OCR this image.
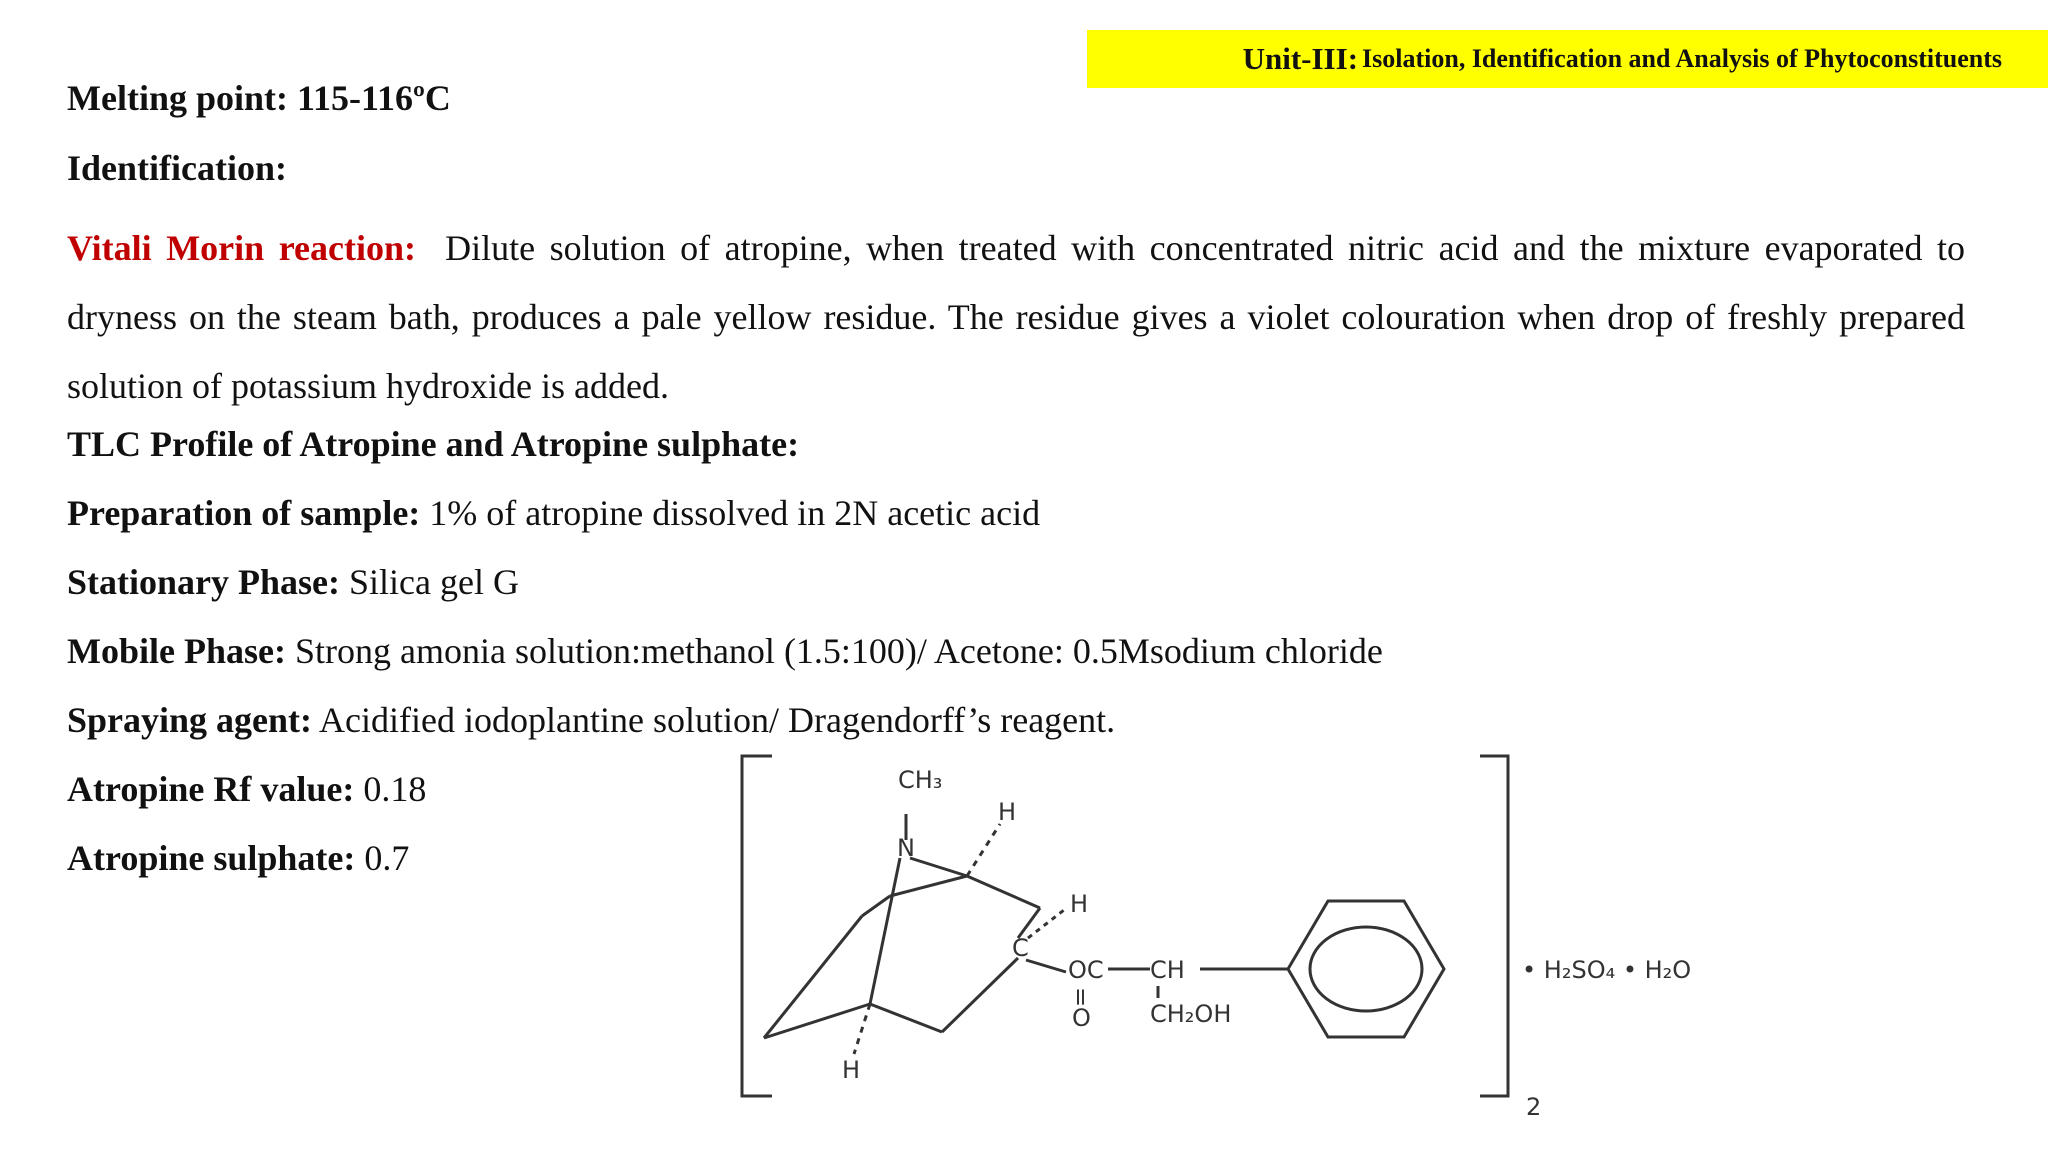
Unit-III:
Isolation, Identification and Analysis of Phytoconstituents
Melting point: 115-116ºC
Identification:
Vitali Morin reaction: Dilute solution of atropine, when treated with concentrated nitric acid and the mixture evaporated to dryness on the steam bath, produces a pale yellow residue. The residue gives a violet colouration when drop of freshly prepared solution of potassium hydroxide is added.
TLC Profile of Atropine and Atropine sulphate:
Preparation of sample: 1% of atropine dissolved in 2N acetic acid
Stationary Phase: Silica gel G
Mobile Phase: Strong amonia solution:methanol (1.5:100)/ Acetone: 0.5Msodium chloride
Spraying agent: Acidified iodoplantine solution/ Dragendorff’s reagent.
Atropine Rf value: 0.18
Atropine sulphate: 0.7
CH₃
N
H
H
C
OC
=
O
CH
CH₂OH
H
• H₂SO₄ • H₂O
2
